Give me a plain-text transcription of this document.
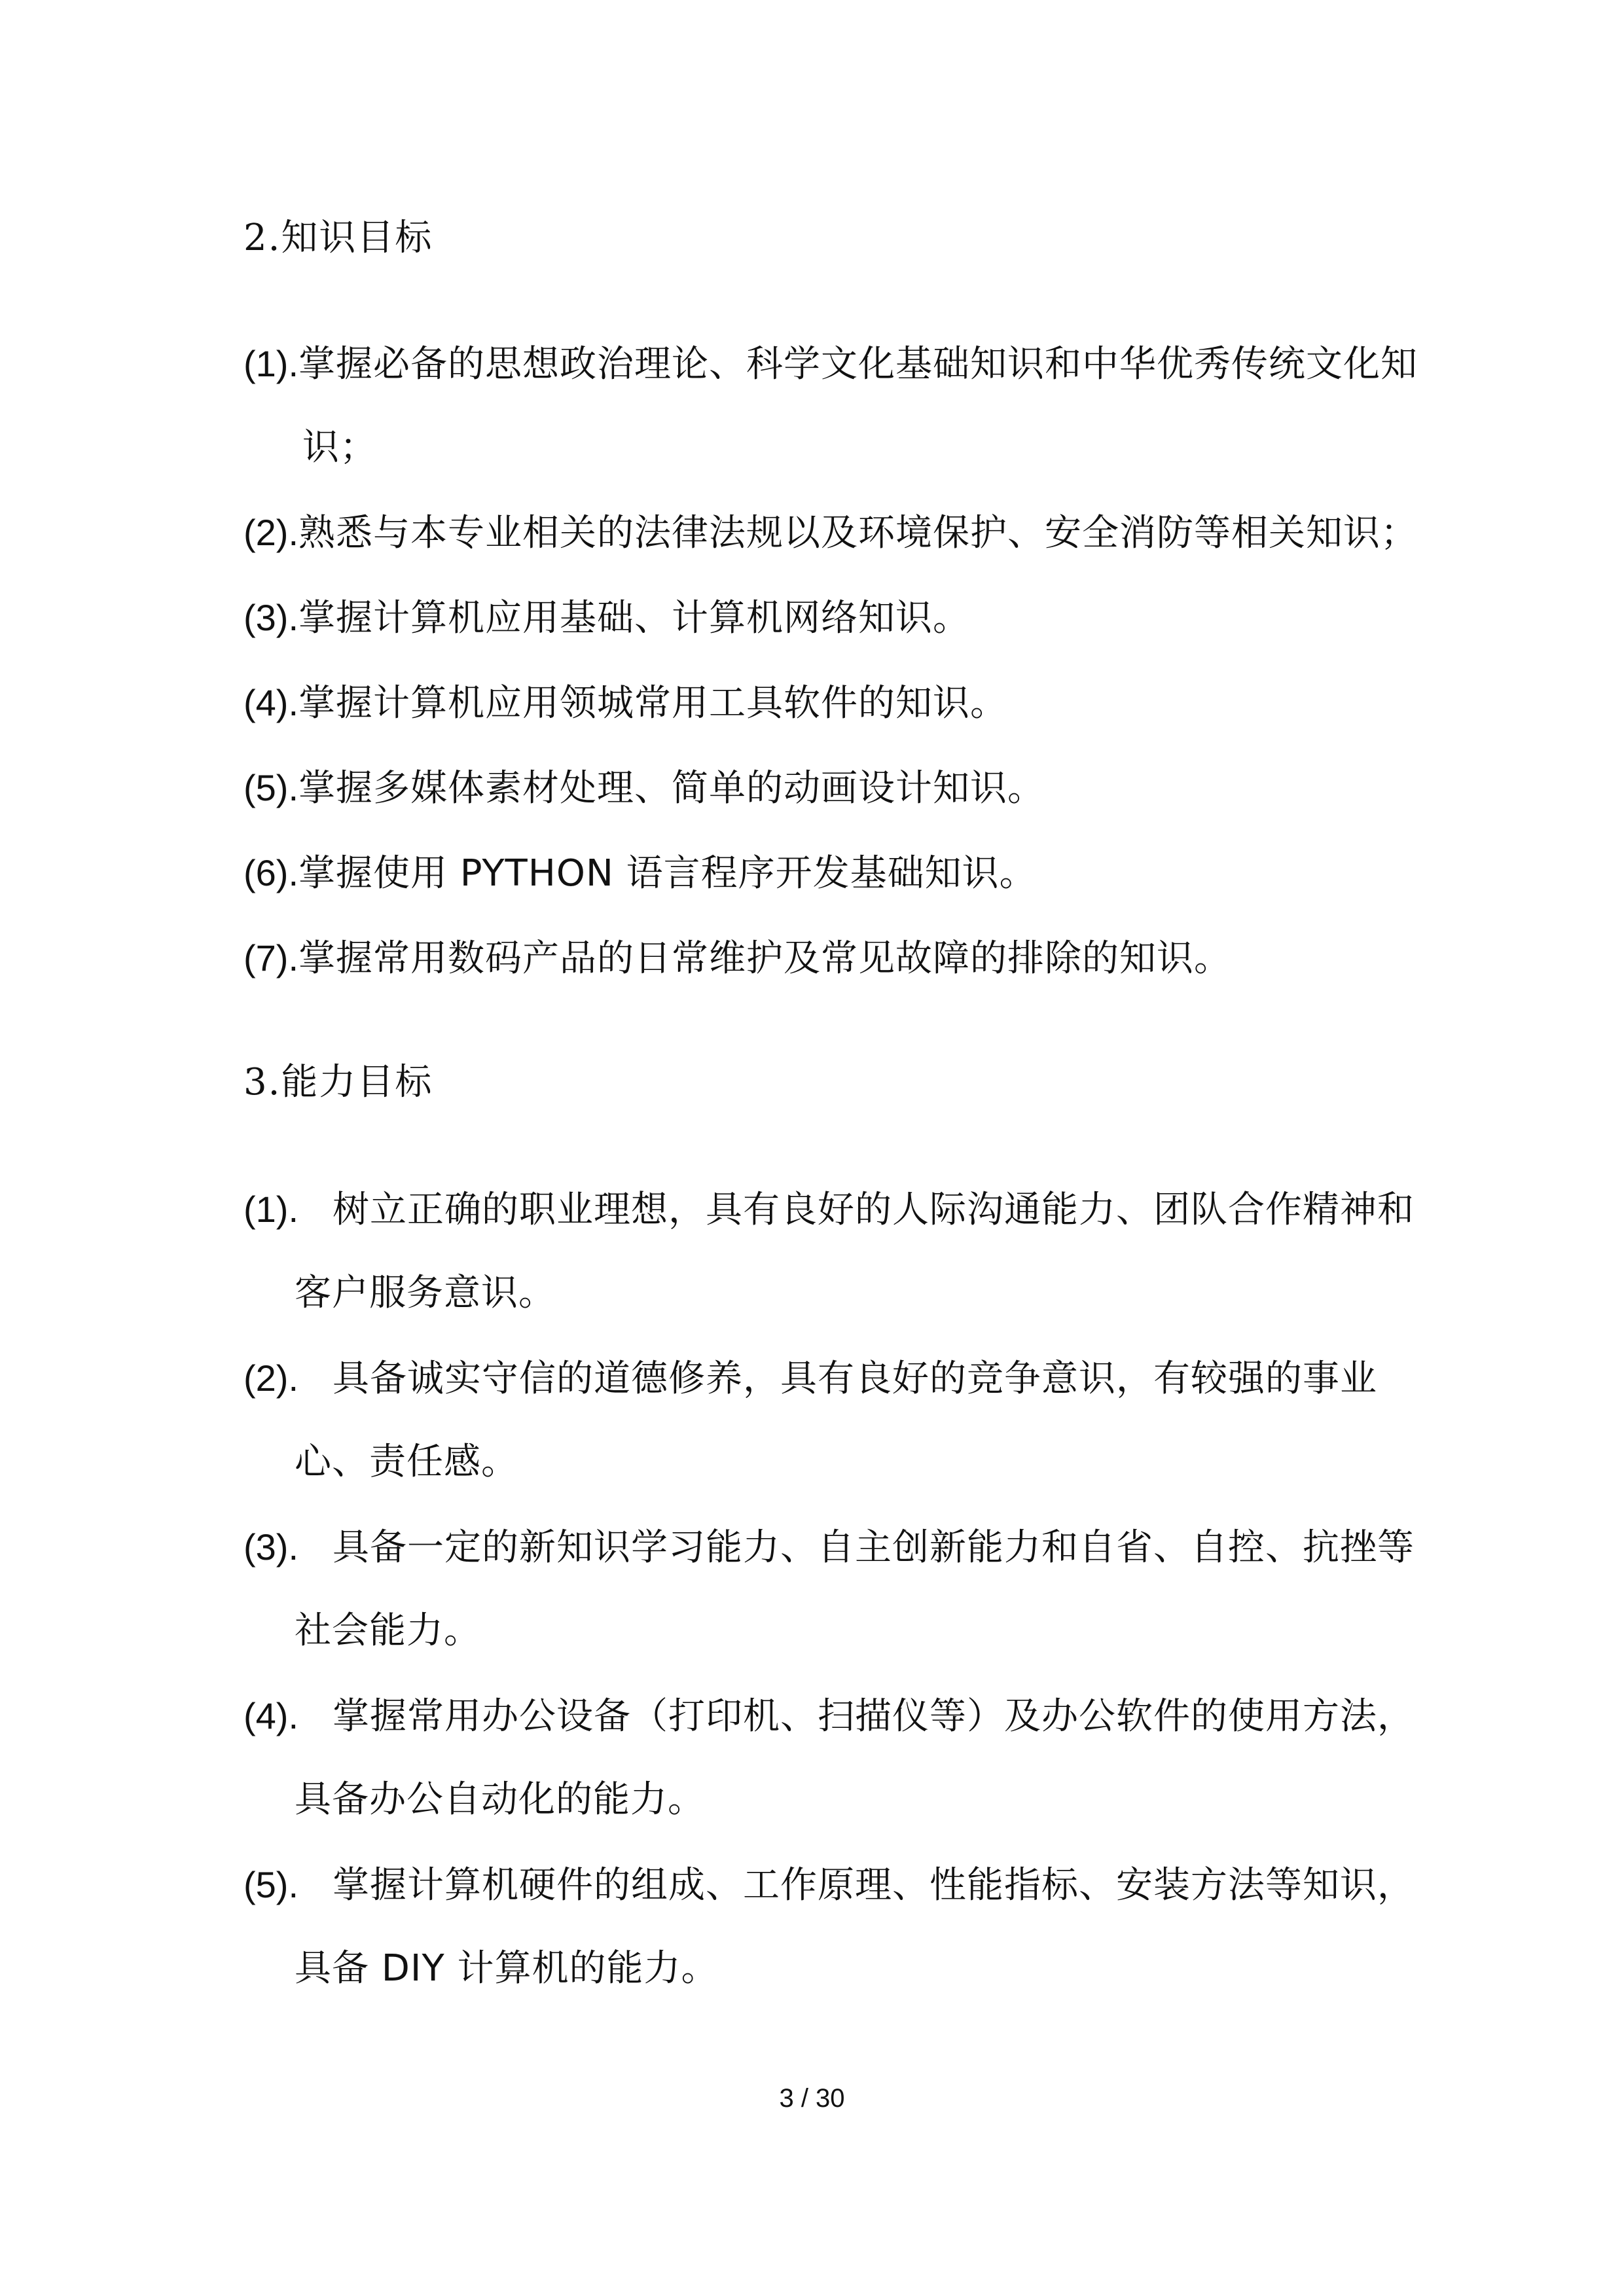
2.知识目标
(1).掌握必备的思想政治理论、科学文化基础知识和中华优秀传统文化知
识；
(2).熟悉与本专业相关的法律法规以及环境保护、安全消防等相关知识；
(3).掌握计算机应用基础、计算机网络知识。
(4).掌握计算机应用领城常用工具软件的知识。
(5).掌握多媒体素材处理、简单的动画设计知识。
(6).掌握使用 PYTHON 语言程序开发基础知识。
(7).掌握常用数码产品的日常维护及常见故障的排除的知识。
3.能力目标
(1). 树立正确的职业理想，具有良好的人际沟通能力、团队合作精神和
客户服务意识。
(2). 具备诚实守信的道德修养，具有良好的竞争意识，有较强的事业
心、责任感。
(3). 具备一定的新知识学习能力、自主创新能力和自省、自控、抗挫等
社会能力。
(4). 掌握常用办公设备（打印机、扫描仪等）及办公软件的使用方法，
具备办公自动化的能力。
(5). 掌握计算机硬件的组成、工作原理、性能指标、安装方法等知识，
具备 DIY 计算机的能力。
3 / 30
